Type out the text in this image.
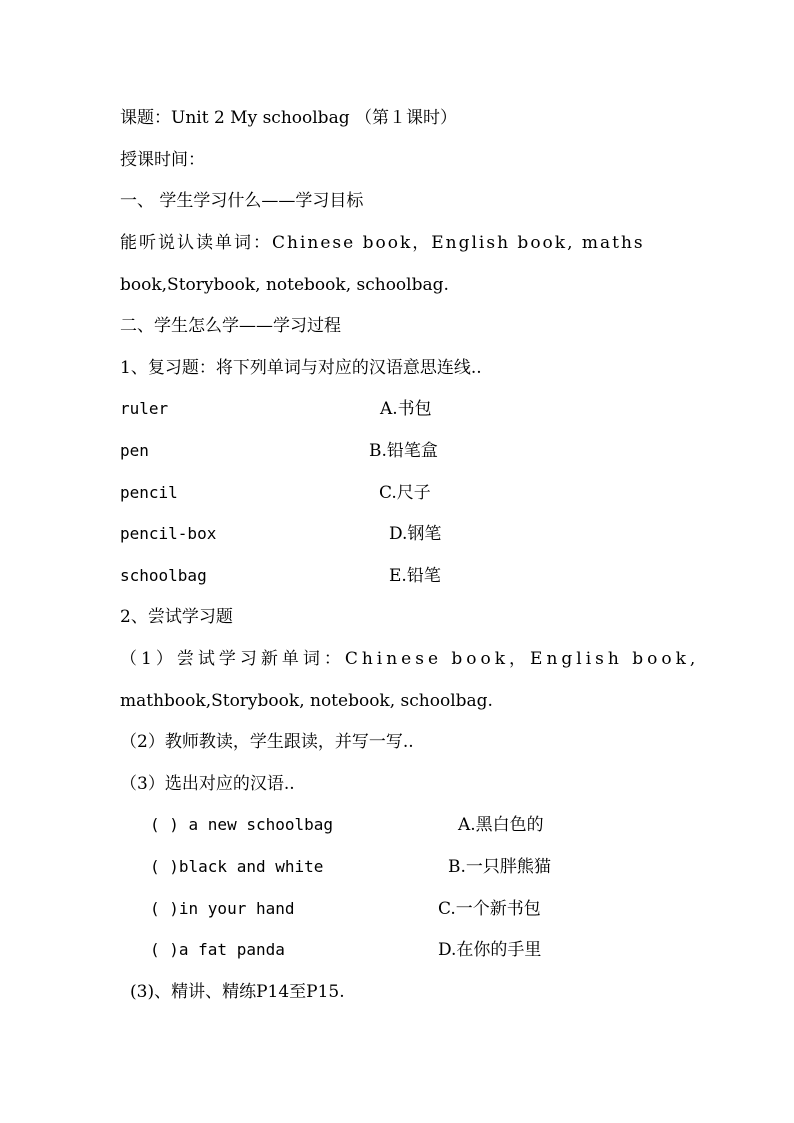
课题：Unit 2 My schoolbag （第１课时）
授课时间：
一、 学生学习什么——学习目标
能听说认读单词：Chinese book，English book, maths
book,Storybook, notebook, schoolbag.
二、学生怎么学——学习过程
1、复习题：将下列单词与对应的汉语意思连线..
ruler	A.书包
pen	B.铅笔盒
pencil	C.尺子
pencil-box	D.钢笔
schoolbag	E.铅笔
2、尝试学习题
（1）尝试学习新单词：Chinese book，English book,
mathbook,Storybook, notebook, schoolbag.
（2）教师教读，学生跟读，并写一写..
（3）选出对应的汉语..
( ) a new schoolbag	A.黑白色的
( )black and white	B.一只胖熊猫
( )in your hand	C.一个新书包
( )a fat panda	D.在你的手里
(3)、精讲、精练P14至P15.
